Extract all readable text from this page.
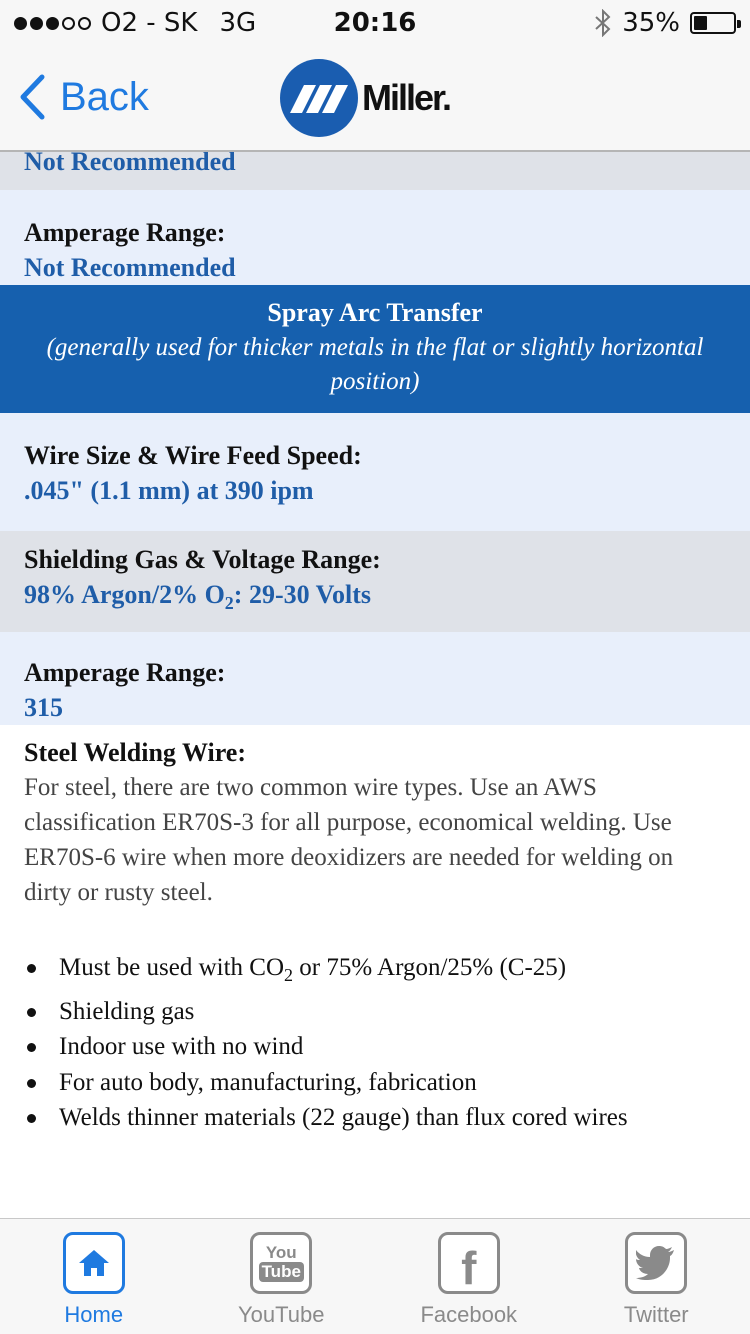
O2 - SK 3G	20:16	35%
Back	Miller.
Not Recommended
Amperage Range:
Not Recommended
Spray Arc Transfer
(generally used for thicker metals in the flat or slightly horizontal position)
Wire Size & Wire Feed Speed:
.045" (1.1 mm) at 390 ipm
Shielding Gas & Voltage Range:
98% Argon/2% $O_2$: 29-30 Volts
Amperage Range:
315
Steel Welding Wire:
For steel, there are two common wire types. Use an AWS classification ER70S-3 for all purpose, economical welding. Use ER70S-6 wire when more deoxidizers are needed for welding on dirty or rusty steel.
Must be used with $CO_2$ or 75% Argon/25% (C-25)
Shielding gas
Indoor use with no wind
For auto body, manufacturing, fabrication
Welds thinner materials (22 gauge) than flux cored wires
Home
You
Tube
YouTube
f
Facebook	Twitter
